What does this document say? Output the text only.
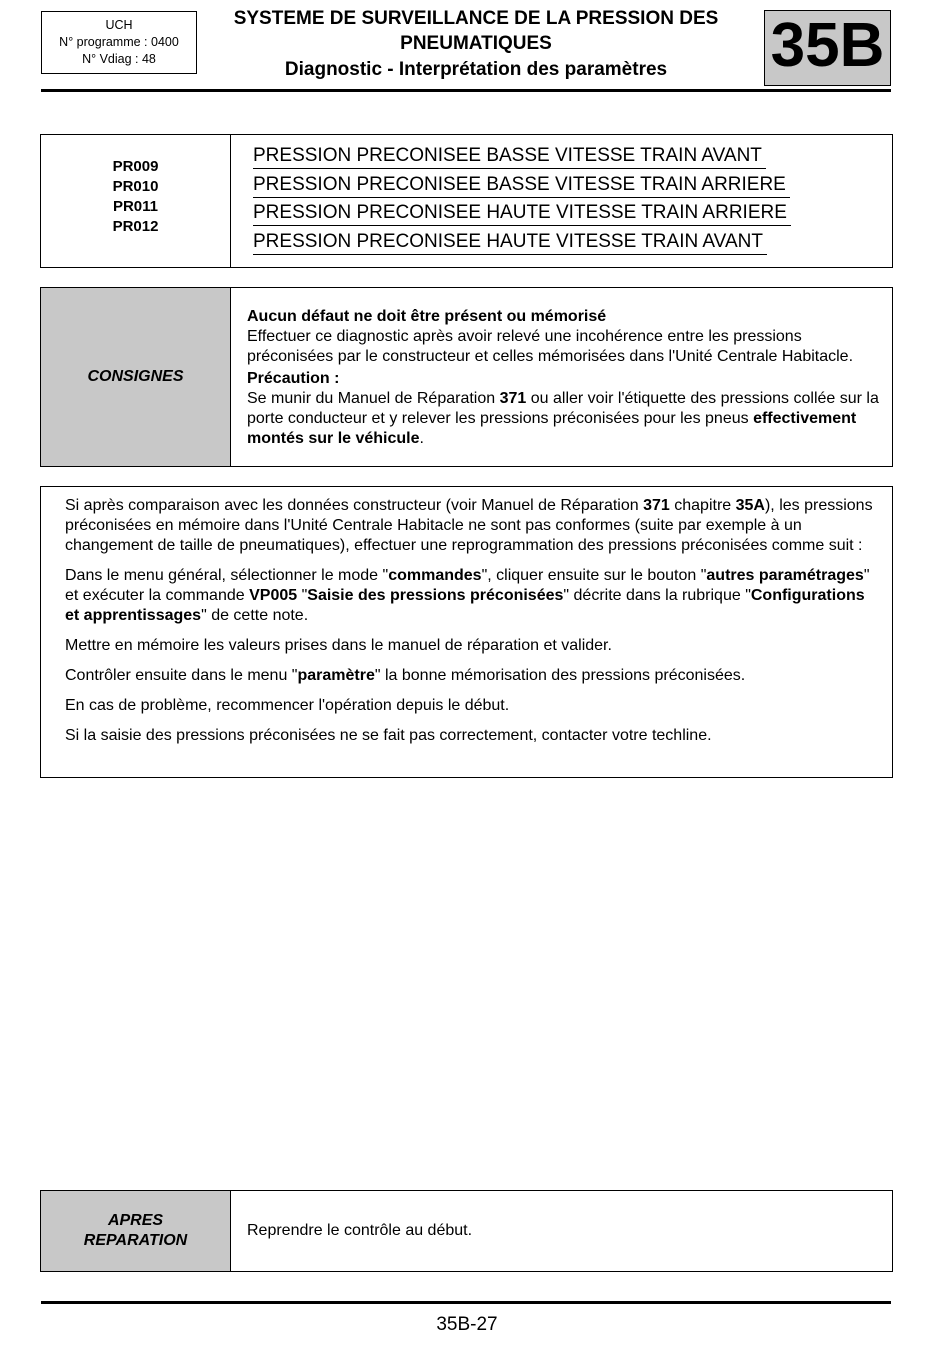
UCH
N° programme : 0400
N° Vdiag : 48
SYSTEME DE SURVEILLANCE DE LA PRESSION DES
PNEUMATIQUES
Diagnostic - Interprétation des paramètres	35B
PR009
PR010
PR011
PR012
PRESSION PRECONISEE BASSE VITESSE TRAIN AVANT
PRESSION PRECONISEE BASSE VITESSE TRAIN ARRIERE
PRESSION PRECONISEE HAUTE VITESSE TRAIN ARRIERE
PRESSION PRECONISEE HAUTE VITESSE TRAIN AVANT
CONSIGNES
Aucun défaut ne doit être présent ou mémorisé
Effectuer ce diagnostic après avoir relevé une incohérence entre les pressions préconisées par le constructeur et celles mémorisées dans l'Unité Centrale Habitacle.
Précaution :
Se munir du Manuel de Réparation 371 ou aller voir l'étiquette des pressions collée sur la porte conducteur et y relever les pressions préconisées pour les pneus effectivement montés sur le véhicule.

Si après comparaison avec les données constructeur (voir Manuel de Réparation 371 chapitre 35A), les pressions préconisées en mémoire dans l'Unité Centrale Habitacle ne sont pas conformes (suite par exemple à un changement de taille de pneumatiques), effectuer une reprogrammation des pressions préconisées comme suit :

Dans le menu général, sélectionner le mode "commandes", cliquer ensuite sur le bouton "autres paramétrages" et exécuter la commande VP005 "Saisie des pressions préconisées" décrite dans la rubrique "Configurations et apprentissages" de cette note.

Mettre en mémoire les valeurs prises dans le manuel de réparation et valider.

Contrôler ensuite dans le menu "paramètre" la bonne mémorisation des pressions préconisées.

En cas de problème, recommencer l'opération depuis le début.

Si la saisie des pressions préconisées ne se fait pas correctement, contacter votre techline.

APRES
REPARATION
Reprendre le contrôle au début.
35B-27
